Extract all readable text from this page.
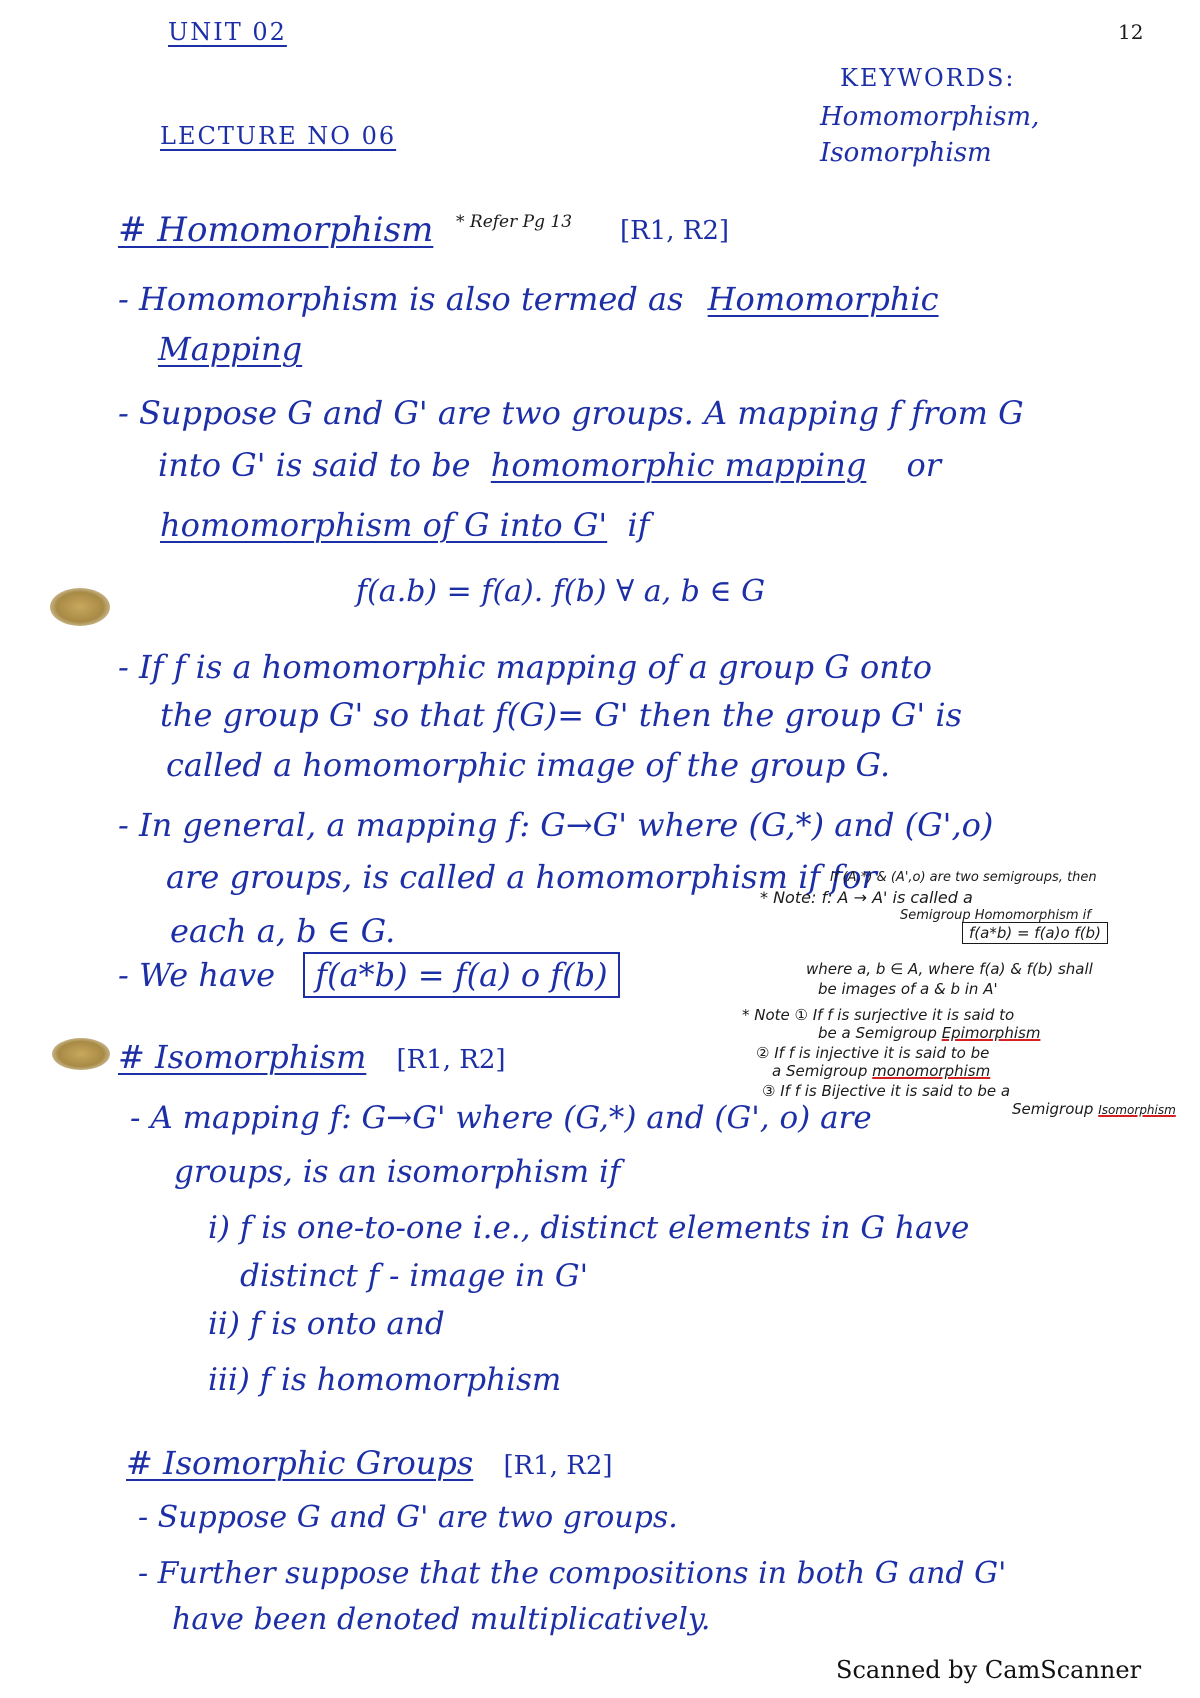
UNIT 02	12
LECTURE NO 06
KEYWORDS:
Homomorphism,
Isomorphism
# Homomorphism * Refer Pg 13 [R1, R2]
- Homomorphism is also termed as Homomorphic
Mapping
- Suppose G and G' are two groups. A mapping f from G
into G' is said to be homomorphic mapping or
homomorphism of G into G' if
f(a.b) = f(a). f(b) ∀ a, b ∈ G
- If f is a homomorphic mapping of a group G onto
the group G' so that f(G)= G' then the group G' is
called a homomorphic image of the group G.
- In general, a mapping f: G→G' where (G,*) and (G',o)
are groups, is called a homomorphism if for
each a, b ∈ G.
- We have f(a*b) = f(a) o f(b)
If (A,*) & (A',o) are two semigroups, then
* Note: f: A → A' is called a
Semigroup Homomorphism if
f(a*b) = f(a)o f(b)
where a, b ∈ A, where f(a) & f(b) shall
be images of a & b in A'
* Note ① If f is surjective it is said to
be a Semigroup Epimorphism
② If f is injective it is said to be
a Semigroup monomorphism
③ If f is Bijective it is said to be a
Semigroup Isomorphism
# Isomorphism [R1, R2]
- A mapping f: G→G' where (G,*) and (G', o) are
groups, is an isomorphism if
i) f is one-to-one i.e., distinct elements in G have
distinct f - image in G'
ii) f is onto and
iii) f is homomorphism
# Isomorphic Groups [R1, R2]
- Suppose G and G' are two groups.
- Further suppose that the compositions in both G and G'
have been denoted multiplicatively.
Scanned by CamScanner
